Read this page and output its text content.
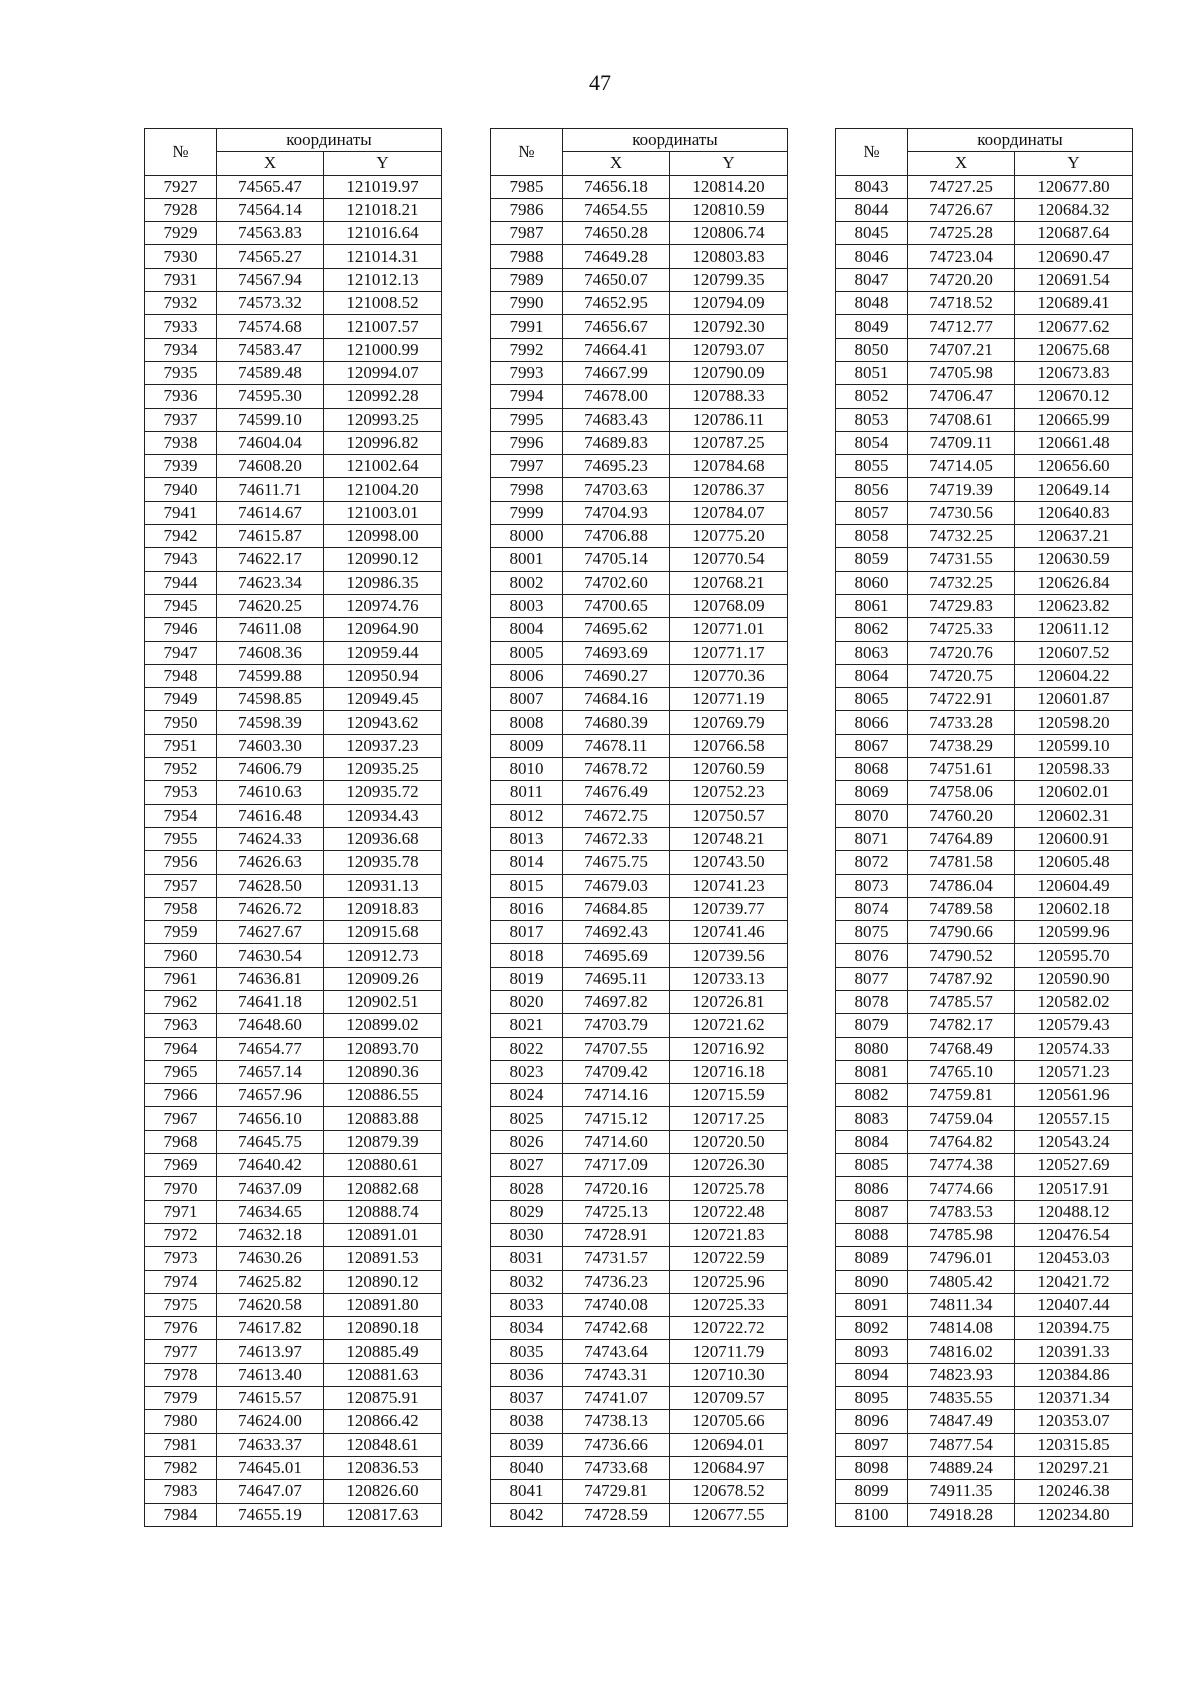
47
№	координаты	
	X	Y
7927	74565.47	121019.97
7928	74564.14	121018.21
7929	74563.83	121016.64
7930	74565.27	121014.31
7931	74567.94	121012.13
7932	74573.32	121008.52
7933	74574.68	121007.57
7934	74583.47	121000.99
7935	74589.48	120994.07
7936	74595.30	120992.28
7937	74599.10	120993.25
7938	74604.04	120996.82
7939	74608.20	121002.64
7940	74611.71	121004.20
7941	74614.67	121003.01
7942	74615.87	120998.00
7943	74622.17	120990.12
7944	74623.34	120986.35
7945	74620.25	120974.76
7946	74611.08	120964.90
7947	74608.36	120959.44
7948	74599.88	120950.94
7949	74598.85	120949.45
7950	74598.39	120943.62
7951	74603.30	120937.23
7952	74606.79	120935.25
7953	74610.63	120935.72
7954	74616.48	120934.43
7955	74624.33	120936.68
7956	74626.63	120935.78
7957	74628.50	120931.13
7958	74626.72	120918.83
7959	74627.67	120915.68
7960	74630.54	120912.73
7961	74636.81	120909.26
7962	74641.18	120902.51
7963	74648.60	120899.02
7964	74654.77	120893.70
7965	74657.14	120890.36
7966	74657.96	120886.55
7967	74656.10	120883.88
7968	74645.75	120879.39
7969	74640.42	120880.61
7970	74637.09	120882.68
7971	74634.65	120888.74
7972	74632.18	120891.01
7973	74630.26	120891.53
7974	74625.82	120890.12
7975	74620.58	120891.80
7976	74617.82	120890.18
7977	74613.97	120885.49
7978	74613.40	120881.63
7979	74615.57	120875.91
7980	74624.00	120866.42
7981	74633.37	120848.61
7982	74645.01	120836.53
7983	74647.07	120826.60
7984	74655.19	120817.63
№	координаты	
	X	Y
7985	74656.18	120814.20
7986	74654.55	120810.59
7987	74650.28	120806.74
7988	74649.28	120803.83
7989	74650.07	120799.35
7990	74652.95	120794.09
7991	74656.67	120792.30
7992	74664.41	120793.07
7993	74667.99	120790.09
7994	74678.00	120788.33
7995	74683.43	120786.11
7996	74689.83	120787.25
7997	74695.23	120784.68
7998	74703.63	120786.37
7999	74704.93	120784.07
8000	74706.88	120775.20
8001	74705.14	120770.54
8002	74702.60	120768.21
8003	74700.65	120768.09
8004	74695.62	120771.01
8005	74693.69	120771.17
8006	74690.27	120770.36
8007	74684.16	120771.19
8008	74680.39	120769.79
8009	74678.11	120766.58
8010	74678.72	120760.59
8011	74676.49	120752.23
8012	74672.75	120750.57
8013	74672.33	120748.21
8014	74675.75	120743.50
8015	74679.03	120741.23
8016	74684.85	120739.77
8017	74692.43	120741.46
8018	74695.69	120739.56
8019	74695.11	120733.13
8020	74697.82	120726.81
8021	74703.79	120721.62
8022	74707.55	120716.92
8023	74709.42	120716.18
8024	74714.16	120715.59
8025	74715.12	120717.25
8026	74714.60	120720.50
8027	74717.09	120726.30
8028	74720.16	120725.78
8029	74725.13	120722.48
8030	74728.91	120721.83
8031	74731.57	120722.59
8032	74736.23	120725.96
8033	74740.08	120725.33
8034	74742.68	120722.72
8035	74743.64	120711.79
8036	74743.31	120710.30
8037	74741.07	120709.57
8038	74738.13	120705.66
8039	74736.66	120694.01
8040	74733.68	120684.97
8041	74729.81	120678.52
8042	74728.59	120677.55
№	координаты	
	X	Y
8043	74727.25	120677.80
8044	74726.67	120684.32
8045	74725.28	120687.64
8046	74723.04	120690.47
8047	74720.20	120691.54
8048	74718.52	120689.41
8049	74712.77	120677.62
8050	74707.21	120675.68
8051	74705.98	120673.83
8052	74706.47	120670.12
8053	74708.61	120665.99
8054	74709.11	120661.48
8055	74714.05	120656.60
8056	74719.39	120649.14
8057	74730.56	120640.83
8058	74732.25	120637.21
8059	74731.55	120630.59
8060	74732.25	120626.84
8061	74729.83	120623.82
8062	74725.33	120611.12
8063	74720.76	120607.52
8064	74720.75	120604.22
8065	74722.91	120601.87
8066	74733.28	120598.20
8067	74738.29	120599.10
8068	74751.61	120598.33
8069	74758.06	120602.01
8070	74760.20	120602.31
8071	74764.89	120600.91
8072	74781.58	120605.48
8073	74786.04	120604.49
8074	74789.58	120602.18
8075	74790.66	120599.96
8076	74790.52	120595.70
8077	74787.92	120590.90
8078	74785.57	120582.02
8079	74782.17	120579.43
8080	74768.49	120574.33
8081	74765.10	120571.23
8082	74759.81	120561.96
8083	74759.04	120557.15
8084	74764.82	120543.24
8085	74774.38	120527.69
8086	74774.66	120517.91
8087	74783.53	120488.12
8088	74785.98	120476.54
8089	74796.01	120453.03
8090	74805.42	120421.72
8091	74811.34	120407.44
8092	74814.08	120394.75
8093	74816.02	120391.33
8094	74823.93	120384.86
8095	74835.55	120371.34
8096	74847.49	120353.07
8097	74877.54	120315.85
8098	74889.24	120297.21
8099	74911.35	120246.38
8100	74918.28	120234.80
